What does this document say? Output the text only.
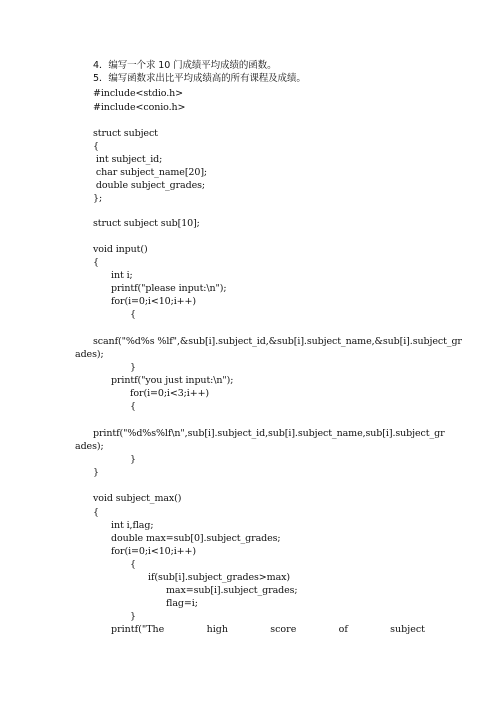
4．编写一个求 10 门成绩平均成绩的函数。
5．编写函数求出比平均成绩高的所有课程及成绩。
#include<stdio.h>
#include<conio.h>
struct subject
{
int subject_id;
char subject_name[20];
double subject_grades;
};
struct subject sub[10];
void input()
{
int i;
printf("please input:\n");
for(i=0;i<10;i++)
{
scanf("%d%s %lf",&sub[i].subject_id,&sub[i].subject_name,&sub[i].subject_gr
ades);
}
printf("you just input:\n");
for(i=0;i<3;i++)
{
printf("%d%s%lf\n",sub[i].subject_id,sub[i].subject_name,sub[i].subject_gr
ades);
}
}
void subject_max()
{
int i,flag;
double max=sub[0].subject_grades;
for(i=0;i<10;i++)
{
if(sub[i].subject_grades>max)
max=sub[i].subject_grades;
flag=i;
}
printf("The	high	score	of	subject
